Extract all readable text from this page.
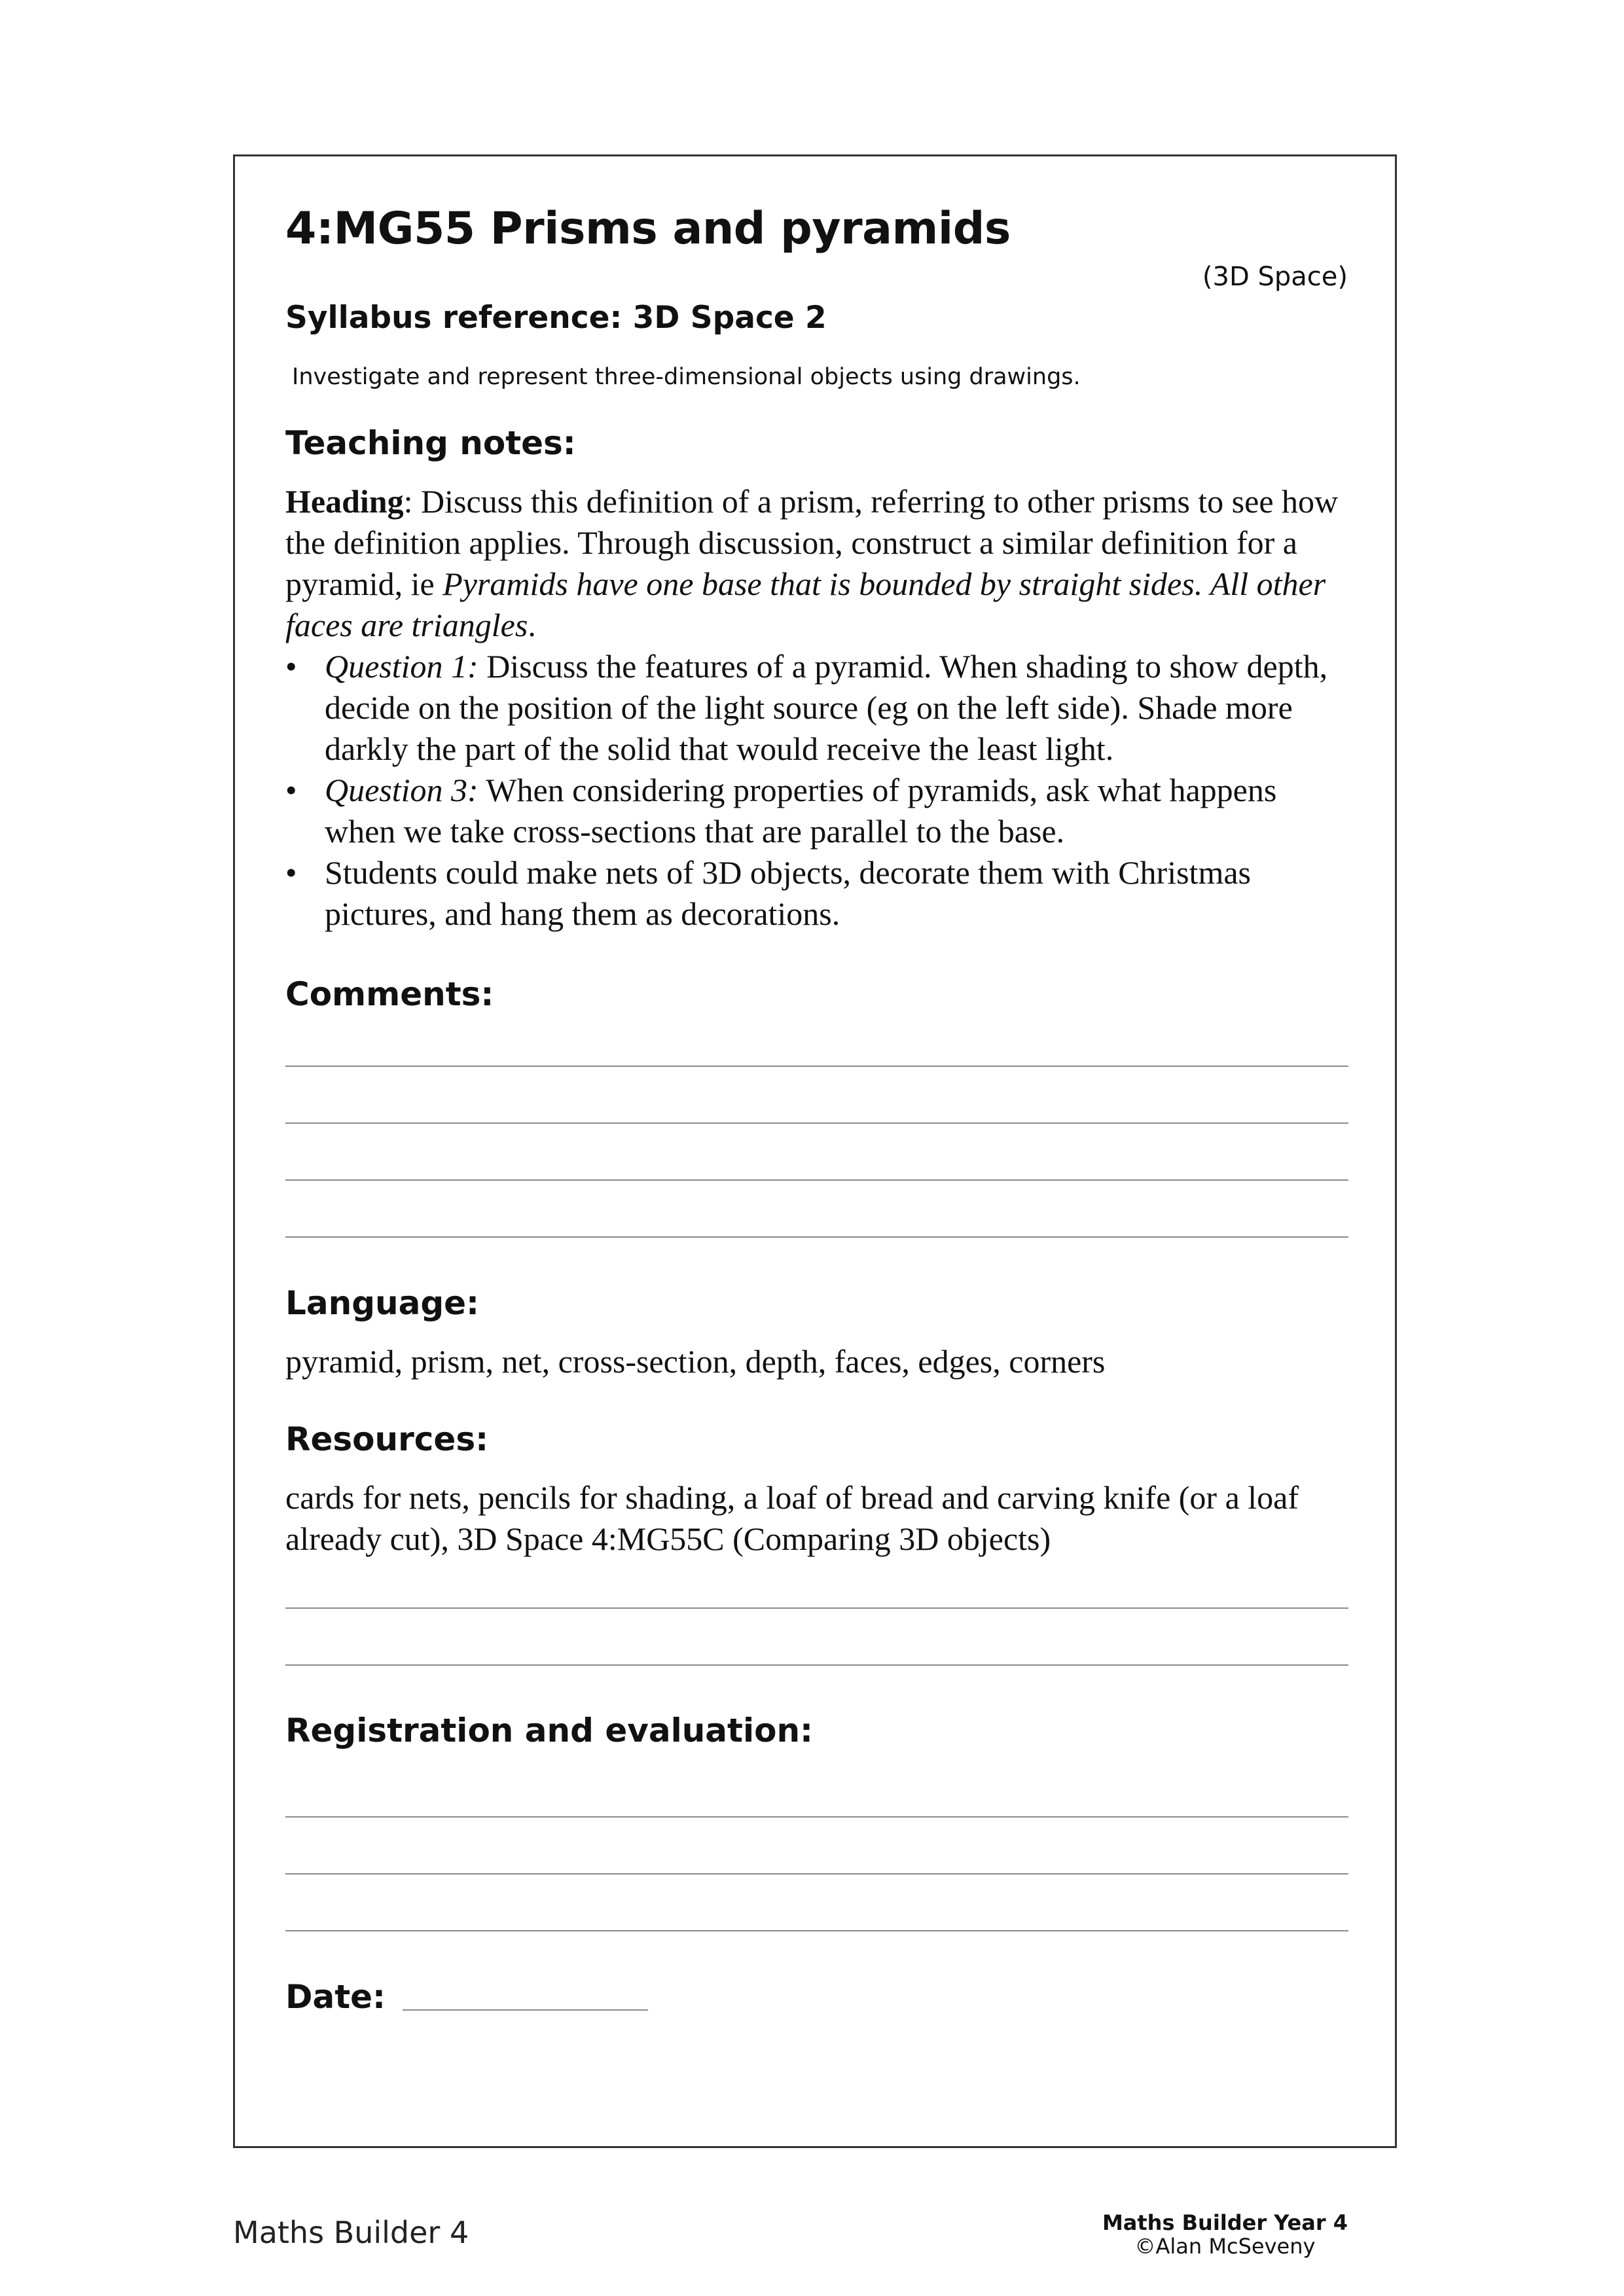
4:MG55 Prisms and pyramids
(3D Space)
Syllabus reference: 3D Space 2
Investigate and represent three-dimensional objects using drawings.
Teaching notes:

Heading: Discuss this definition of a prism, referring to other prisms to see how the definition applies. Through discussion, construct a similar definition for a pyramid, ie Pyramids have one base that is bounded by straight sides. All other faces are triangles.

• Question 1: Discuss the features of a pyramid. When shading to show depth, decide on the position of the light source (eg on the left side). Shade more darkly the part of the solid that would receive the least light.
• Question 3: When considering properties of pyramids, ask what happens when we take cross-sections that are parallel to the base.
• Students could make nets of 3D objects, decorate them with Christmas pictures, and hang them as decorations.
Comments:
Language:
pyramid, prism, net, cross-section, depth, faces, edges, corners
Resources:
cards for nets, pencils for shading, a loaf of bread and carving knife (or a loaf already cut), 3D Space 4:MG55C (Comparing 3D objects)
Registration and evaluation:
Date:
Maths Builder 4	Maths Builder Year 4
©Alan McSeveny
